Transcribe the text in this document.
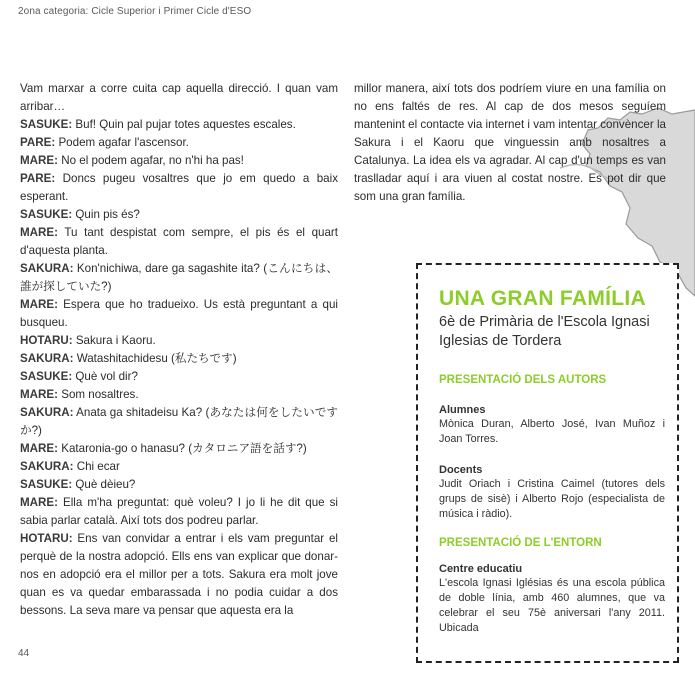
2ona categoria: Cicle Superior i Primer Cicle d'ESO

Vam marxar a corre cuita cap aquella direcció. I quan vam arribar…

SASUKE: Buf! Quin pal pujar totes aquestes escales.

PARE: Podem agafar l'ascensor.

MARE: No el podem agafar, no n'hi ha pas!

PARE: Doncs pugeu vosaltres que jo em quedo a baix esperant.

SASUKE: Quin pis és?

MARE: Tu tant despistat com sempre, el pis és el quart d'aquesta planta.

SAKURA: Kon'nichiwa, dare ga sagashite ita? (こんにちは、誰が探していた?)

MARE: Espera que ho tradueixo. Us està preguntant a qui busqueu.

HOTARU: Sakura i Kaoru.

SAKURA: Watashitachidesu (私たちです)

SASUKE: Què vol dir?

MARE: Som nosaltres.

SAKURA: Anata ga shitadeisu Ka? (あなたは何をしたいですか?)

MARE: Kataronia-go o hanasu? (カタロニア語を話す?)

SAKURA: Chi ecar

SASUKE: Què dèieu?

MARE: Ella m'ha preguntat: què voleu? I jo li he dit que si sabia parlar català. Així tots dos podreu parlar.

HOTARU: Ens van convidar a entrar i els vam preguntar el perquè de la nostra adopció. Ells ens van explicar que donar-nos en adopció era el millor per a tots. Sakura era molt jove quan es va quedar embarassada i no podia cuidar a dos bessons. La seva mare va pensar que aquesta era la

millor manera, així tots dos podríem viure en una família on no ens faltés de res. Al cap de dos mesos seguíem mantenint el contacte via internet i vam intentar convèncer la Sakura i el Kaoru que vinguessin amb nosaltres a Catalunya. La idea els va agradar. Al cap d'un temps es van traslladar aquí i ara viuen al costat nostre. Es pot dir que som una gran família.

UNA GRAN FAMÍLIA

6è de Primària de l'Escola Ignasi Iglesias de Tordera

PRESENTACIÓ DELS AUTORS

Alumnes

Mònica Duran, Alberto José, Ivan Muñoz i Joan Torres.

Docents

Judit Oriach i Cristina Caimel (tutores dels grups de sisè) i Alberto Rojo (especialista de música i ràdio).

PRESENTACIÓ DE L'ENTORN

Centre educatiu

L'escola Ignasi Iglésias és una escola pública de doble línia, amb 460 alumnes, que va celebrar el seu 75è aniversari l'any 2011. Ubicada

44
